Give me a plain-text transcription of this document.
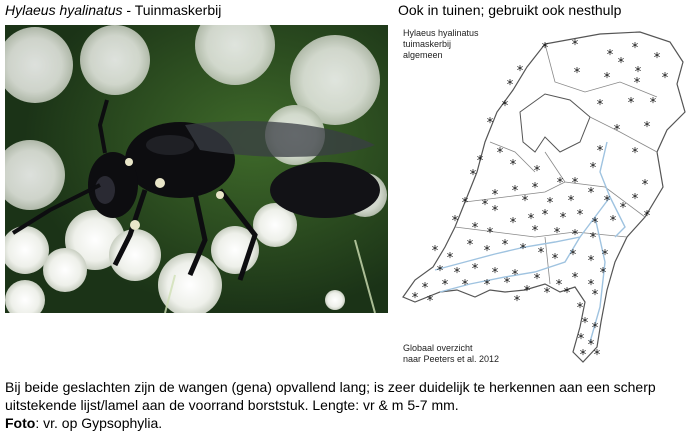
Hylaeus hyalinatus - Tuinmaskerbij	Ook in tuinen; gebruikt ook nesthulp
* *
* *
*
*
*
* *
*
* *
*
*
*
*
*
*
*
*
*
*
*
*
*
* *	*
*
*
*
*
*
*
*
*
* * *
*
* *
*
*
*
* * * *
*
* * *
*
* * * *
*
* * * * * * * * *
*
*
* * * * * * * * *
*
* * * * *
* * * *
*
* *
* *
* *
* *	*
Hylaeus hyalinatus
tuimaskerbij
algemeen
Globaal overzicht
naar Peeters et al. 2012
Bij beide geslachten zijn de wangen (gena) opvallend lang; is zeer duidelijk te herkennen aan een scherp uitstekende lijst/lamel aan de voorrand borststuk. Lengte: vr & m 5-7 mm.
Foto: vr. op Gypsophylia.
